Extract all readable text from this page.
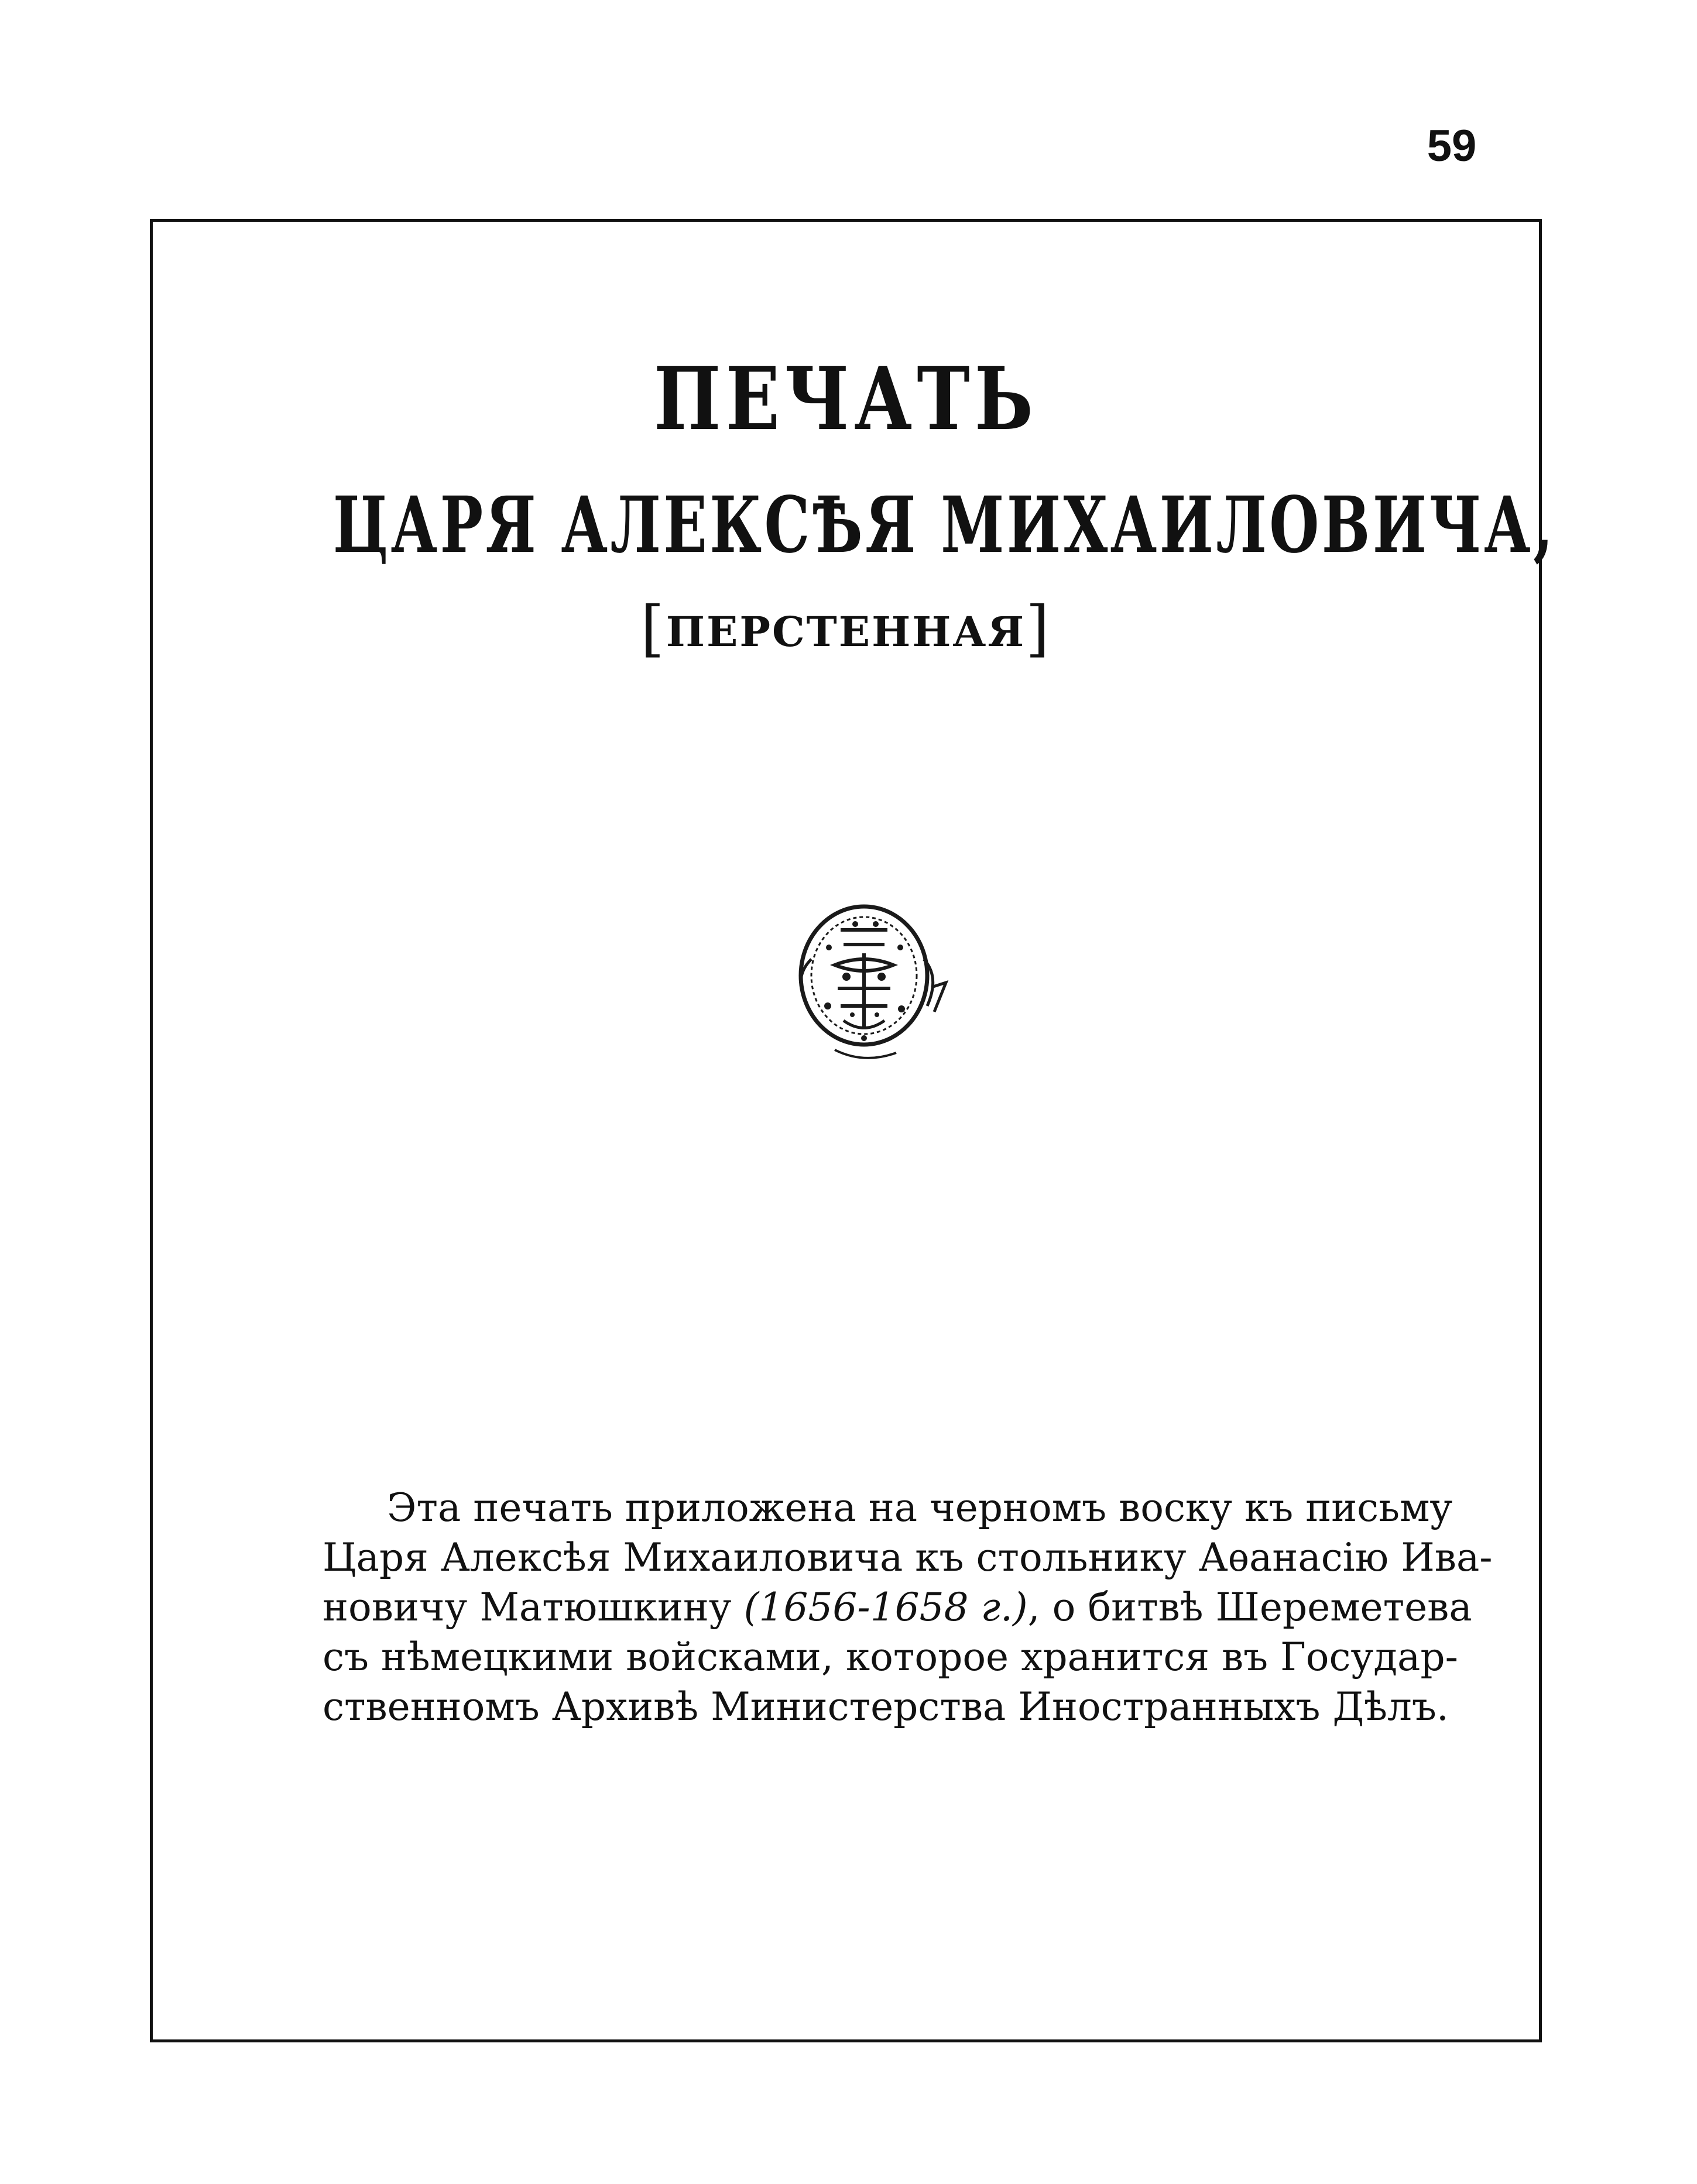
59
ПЕЧАТЬ
ЦАРЯ АЛЕКСѢЯ МИХАИЛОВИЧА,
[ПЕРСТЕННАЯ]
Эта печать приложена на черномъ воску къ письму
Царя Алексѣя Михаиловича къ стольнику Аѳанасію Ива-
новичу Матюшкину (1656-1658 г.), о битвѣ Шереметева
съ нѣмецкими войсками, которое хранится въ Государ-
ственномъ Архивѣ Министерства Иностранныхъ Дѣлъ.
